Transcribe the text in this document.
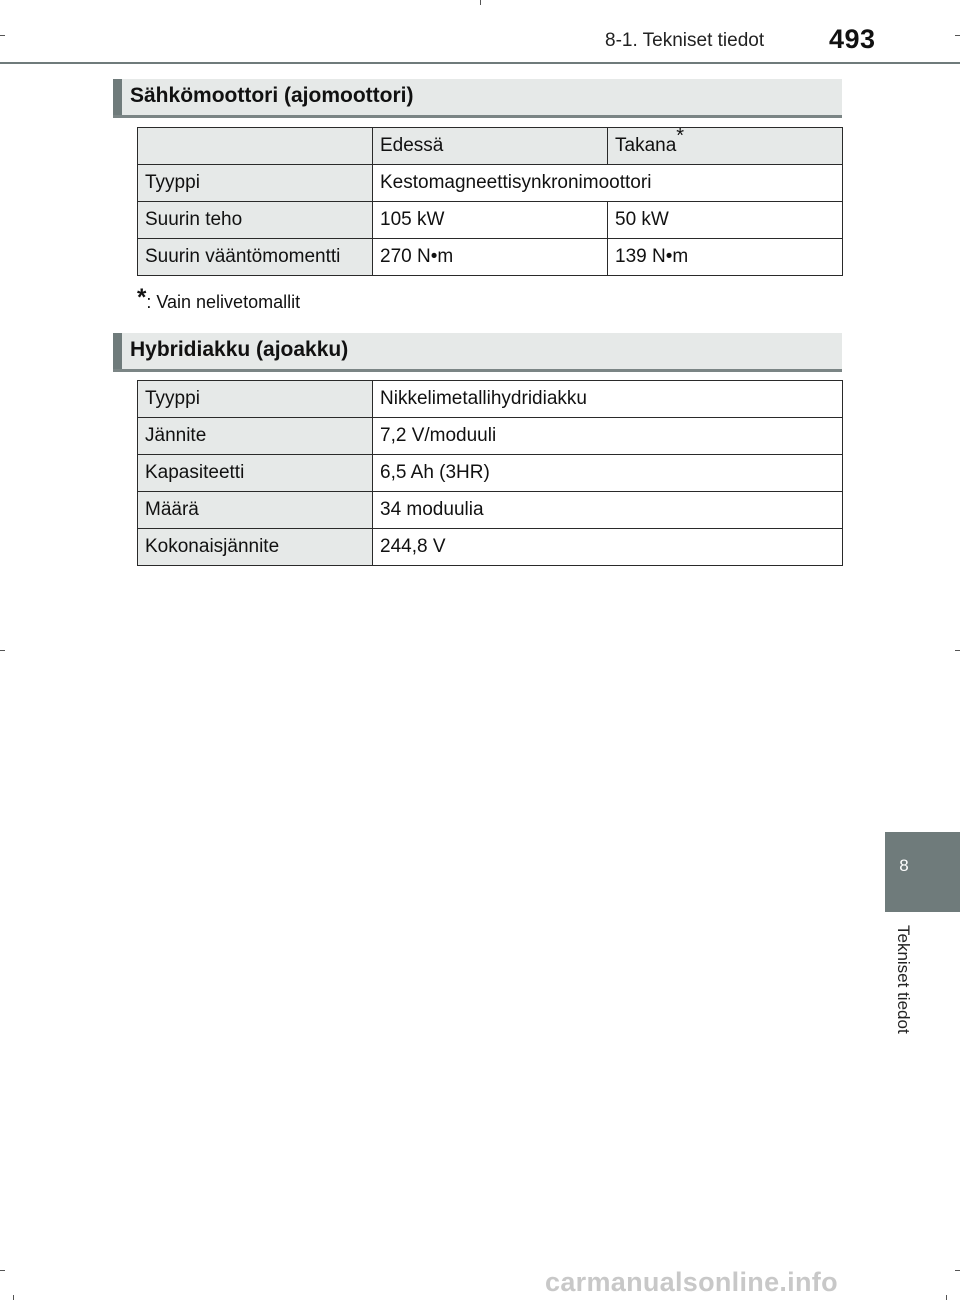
8-1. Tekniset tiedot 493
Sähkömoottori (ajomoottori)
	Edessä	Takana*
Tyyppi	Kestomagneettisynkronimoottori	
Suurin teho	105 kW	50 kW
Suurin vääntömomentti	270 N•m	139 N•m
*: Vain nelivetomallit
Hybridiakku (ajoakku)
Tyyppi	Nikkelimetallihydridiakku
Jännite	7,2 V/moduuli
Kapasiteetti	6,5 Ah (3HR)
Määrä	34 moduulia
Kokonaisjännite	244,8 V
8
Tekniset tiedot
carmanualsonline.info
